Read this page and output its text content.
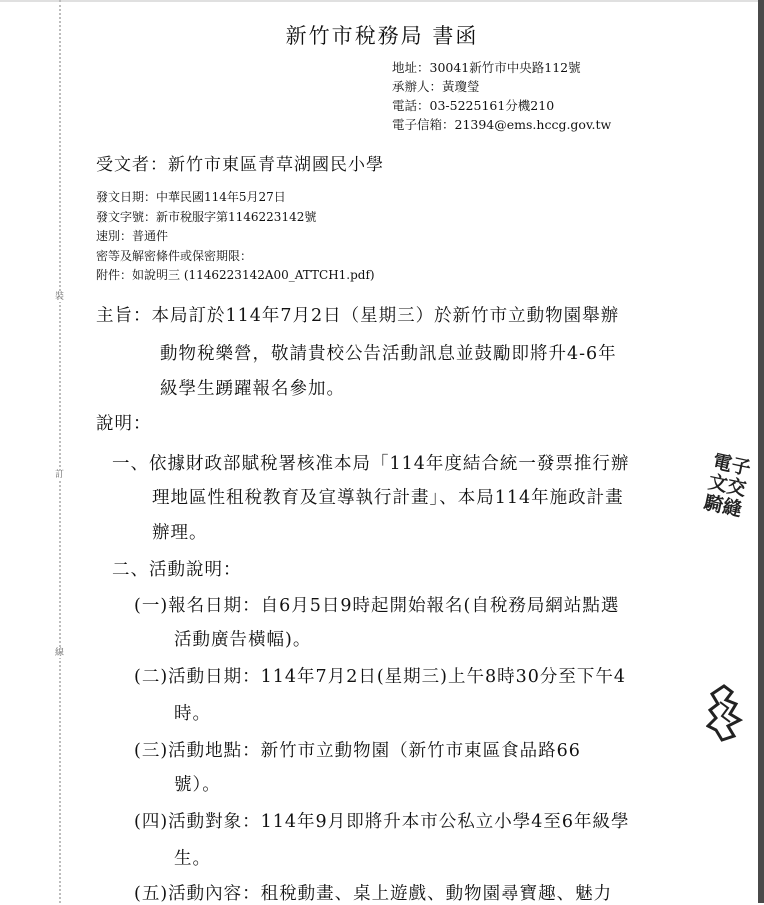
裝
訂
線
電子
文交
騎縫
新竹市稅務局 書函
地址：30041新竹市中央路112號
承辦人：黃瓊瑩
電話：03-5225161分機210
電子信箱：21394@ems.hccg.gov.tw
受文者：新竹市東區青草湖國民小學
發文日期：中華民國114年5月27日
發文字號：新市稅服字第1146223142號
速別：普通件
密等及解密條件或保密期限：
附件：如說明三 (1146223142A00_ATTCH1.pdf)
主旨：本局訂於114年7月2日（星期三）於新竹市立動物園舉辦
動物稅樂營，敬請貴校公告活動訊息並鼓勵即將升4-6年
級學生踴躍報名參加。
說明：
一、依據財政部賦稅署核准本局「114年度結合統一發票推行辦
理地區性租稅教育及宣導執行計畫」、本局114年施政計畫
辦理。
二、活動說明：
(一)報名日期：自6月5日9時起開始報名(自稅務局網站點選
活動廣告橫幅)。
(二)活動日期：114年7月2日(星期三)上午8時30分至下午4
時。
(三)活動地點：新竹市立動物園（新竹市東區食品路66
號）。
(四)活動對象：114年9月即將升本市公私立小學4至6年級學
生。
(五)活動內容：租稅動畫、桌上遊戲、動物園尋寶趣、魅力
